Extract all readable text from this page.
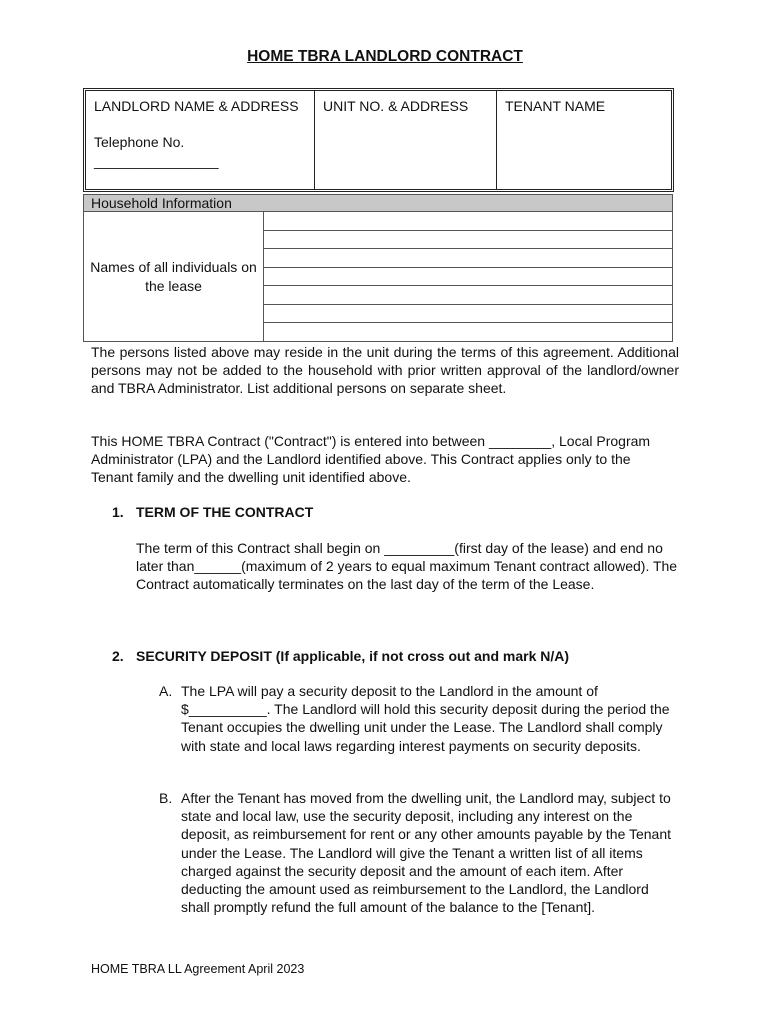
HOME TBRA LANDLORD CONTRACT
LANDLORD NAME & ADDRESS
Telephone No.
________________
UNIT NO. & ADDRESS	TENANT NAME
Household Information
Names of all individuals on the lease
The persons listed above may reside in the unit during the terms of this agreement. Additional persons may not be added to the household with prior written approval of the landlord/owner and TBRA Administrator. List additional persons on separate sheet.
This HOME TBRA Contract ("Contract") is entered into between ________, Local Program Administrator (LPA) and the Landlord identified above. This Contract applies only to the Tenant family and the dwelling unit identified above.
1. TERM OF THE CONTRACT
The term of this Contract shall begin on _________(first day of the lease) and end no later than______(maximum of 2 years to equal maximum Tenant contract allowed). The Contract automatically terminates on the last day of the term of the Lease.
2. SECURITY DEPOSIT (If applicable, if not cross out and mark N/A)
A. The LPA will pay a security deposit to the Landlord in the amount of $__________. The Landlord will hold this security deposit during the period the Tenant occupies the dwelling unit under the Lease. The Landlord shall comply with state and local laws regarding interest payments on security deposits.
B. After the Tenant has moved from the dwelling unit, the Landlord may, subject to state and local law, use the security deposit, including any interest on the deposit, as reimbursement for rent or any other amounts payable by the Tenant under the Lease. The Landlord will give the Tenant a written list of all items charged against the security deposit and the amount of each item. After deducting the amount used as reimbursement to the Landlord, the Landlord shall promptly refund the full amount of the balance to the [Tenant].
HOME TBRA LL Agreement April 2023
